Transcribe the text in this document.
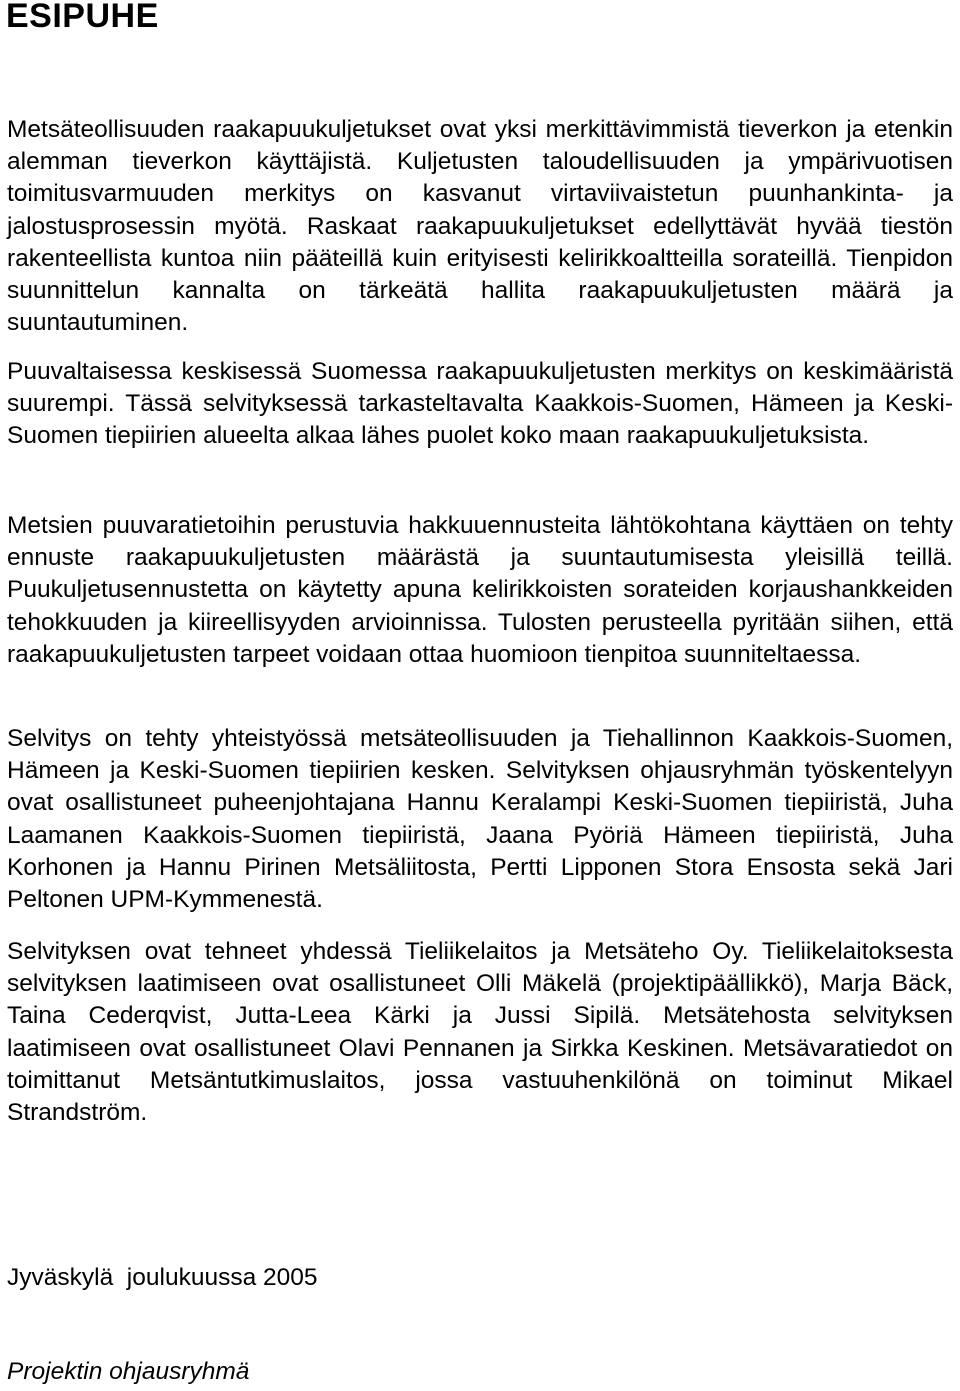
ESIPUHE

Metsäteollisuuden raakapuukuljetukset ovat yksi merkittävimmistä tieverkon ja etenkin alemman tieverkon käyttäjistä. Kuljetusten taloudellisuuden ja ympärivuotisen toimitusvarmuuden merkitys on kasvanut virtaviivaistetun puunhankinta- ja jalostusprosessin myötä. Raskaat raakapuukuljetukset edellyttävät hyvää tiestön rakenteellista kuntoa niin pääteillä kuin erityisesti kelirikkoaltteilla sorateillä. Tienpidon suunnittelun kannalta on tärkeätä hallita raakapuukuljetusten määrä ja suuntautuminen.

Puuvaltaisessa keskisessä Suomessa raakapuukuljetusten merkitys on keskimääristä suurempi. Tässä selvityksessä tarkasteltavalta Kaakkois-Suomen, Hämeen ja Keski-Suomen tiepiirien alueelta alkaa lähes puolet koko maan raakapuukuljetuksista.

Metsien puuvaratietoihin perustuvia hakkuuennusteita lähtökohtana käyttäen on tehty ennuste raakapuukuljetusten määrästä ja suuntautumisesta yleisillä teillä. Puukuljetusennustetta on käytetty apuna kelirikkoisten sorateiden korjaushankkeiden tehokkuuden ja kiireellisyyden arvioinnissa. Tulosten perusteella pyritään siihen, että raakapuukuljetusten tarpeet voidaan ottaa huomioon tienpitoa suunniteltaessa.

Selvitys on tehty yhteistyössä metsäteollisuuden ja Tiehallinnon Kaakkois-Suomen, Hämeen ja Keski-Suomen tiepiirien kesken. Selvityksen ohjausryhmän työskentelyyn ovat osallistuneet puheenjohtajana Hannu Keralampi Keski-Suomen tiepiiristä, Juha Laamanen Kaakkois-Suomen tiepiiristä, Jaana Pyöriä Hämeen tiepiiristä, Juha Korhonen ja Hannu Pirinen Metsäliitosta, Pertti Lipponen Stora Ensosta sekä Jari Peltonen UPM-Kymmenestä.

Selvityksen ovat tehneet yhdessä Tieliikelaitos ja Metsäteho Oy. Tieliikelaitoksesta selvityksen laatimiseen ovat osallistuneet Olli Mäkelä (projektipäällikkö), Marja Bäck, Taina Cederqvist, Jutta-Leea Kärki ja Jussi Sipilä. Metsätehosta selvityksen laatimiseen ovat osallistuneet Olavi Pennanen ja Sirkka Keskinen. Metsävaratiedot on toimittanut Metsäntutkimuslaitos, jossa vastuuhenkilönä on toiminut Mikael Strandström.

Jyväskylä  joulukuussa 2005

Projektin ohjausryhmä
